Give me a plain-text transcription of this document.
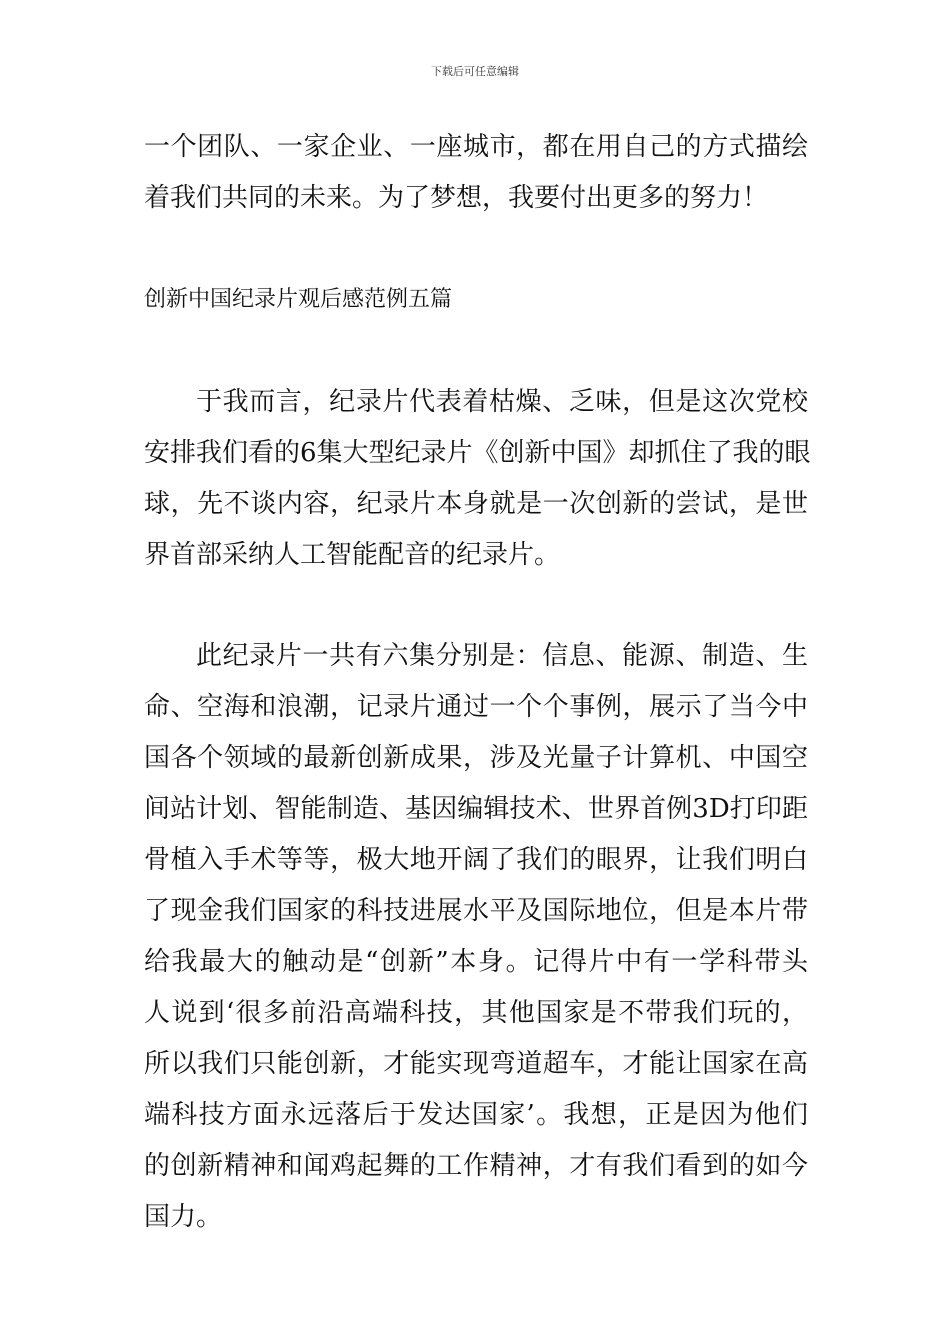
下载后可任意编辑
一个团队、一家企业、一座城市，都在用自己的方式描绘
着我们共同的未来。为了梦想，我要付出更多的努力！
创新中国纪录片观后感范例五篇
于我而言，纪录片代表着枯燥、乏味，但是这次党校
安排我们看的6集大型纪录片《创新中国》却抓住了我的眼
球，先不谈内容，纪录片本身就是一次创新的尝试，是世
界首部采纳人工智能配音的纪录片。
此纪录片一共有六集分别是：信息、能源、制造、生
命、空海和浪潮，记录片通过一个个事例，展示了当今中
国各个领域的最新创新成果，涉及光量子计算机、中国空
间站计划、智能制造、基因编辑技术、世界首例3D打印距
骨植入手术等等，极大地开阔了我们的眼界，让我们明白
了现金我们国家的科技进展水平及国际地位，但是本片带
给我最大的触动是“创新”本身。记得片中有一学科带头
人说到‘很多前沿高端科技，其他国家是不带我们玩的，
所以我们只能创新，才能实现弯道超车，才能让国家在高
端科技方面永远落后于发达国家’。我想，正是因为他们
的创新精神和闻鸡起舞的工作精神，才有我们看到的如今
国力。
